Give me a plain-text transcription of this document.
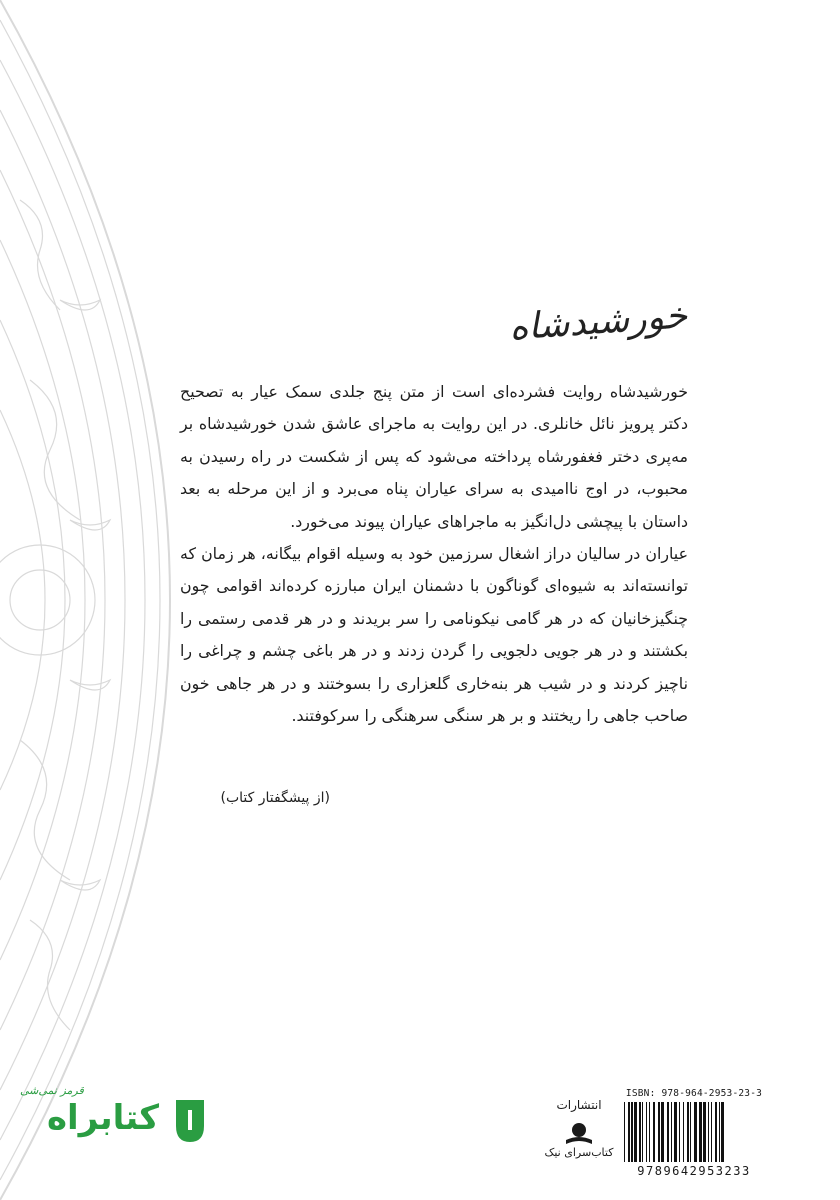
خورشیدشاه

خورشیدشاه روایت فشرده‌ای است از متن پنج جلدی سمک عیار به تصحیح دکتر پرویز نائل خانلری. در این روایت به ماجرای عاشق شدن خورشیدشاه بر مه‌پری دختر فغفورشاه پرداخته می‌شود که پس از شکست در راه رسیدن به محبوب، در اوج ناامیدی به سرای عیاران پناه می‌برد و از این مرحله به بعد داستان با پیچشی دل‌انگیز به ماجراهای عیاران پیوند می‌خورد.

عیاران در سالیان دراز اشغال سرزمین خود به وسیله اقوام بیگانه، هر زمان که توانسته‌اند به شیوه‌ای گوناگون با دشمنان ایران مبارزه کرده‌اند اقوامی چون چنگیزخانیان که در هر گامی نیکونامی را سر بریدند و در هر قدمی رستمی را بکشتند و در هر جویی دلجویی را گردن زدند و در هر باغی چشم و چراغی را ناچیز کردند و در شیب هر بنه‌خاری گلعزاری را بسوختند و در هر جاهی خون صاحب جاهی را ریختند و بر هر سنگی سرهنگی را سرکوفتند.

(از پیشگفتار کتاب)
ISBN: 978-964-2953-23-3
9789642953233
انتشارات
کتاب‌سرای نیک
قرمز نمی‌شی
کتابراه
